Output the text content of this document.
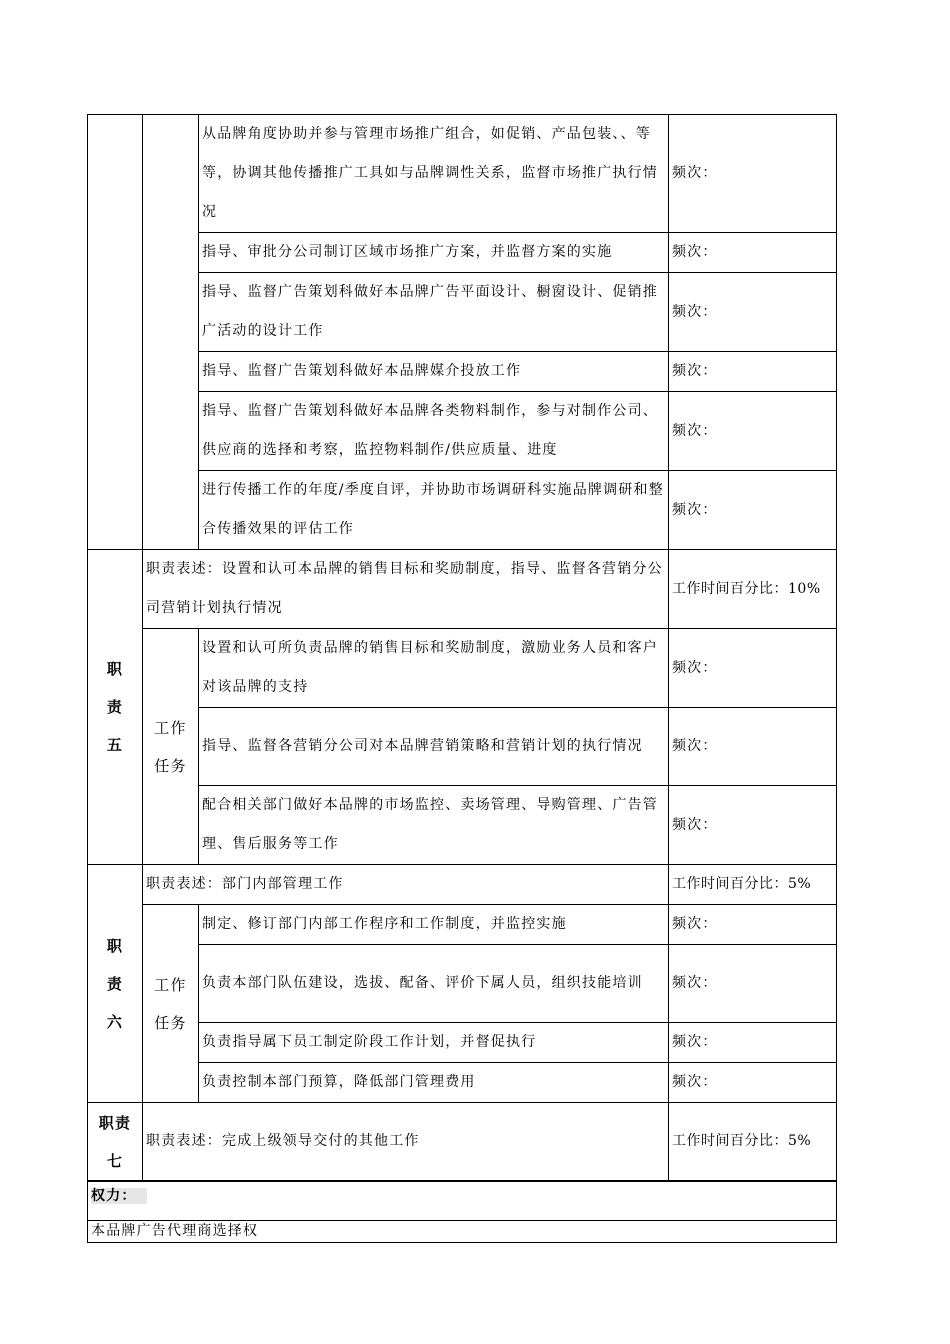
		从品牌角度协助并参与管理市场推广组合，如促销、产品包装、、等等，协调其他传播推广工具如与品牌调性关系，监督市场推广执行情况	频次：
		指导、审批分公司制订区域市场推广方案，并监督方案的实施	频次：
		指导、监督广告策划科做好本品牌广告平面设计、橱窗设计、促销推广活动的设计工作	频次：
		指导、监督广告策划科做好本品牌媒介投放工作	频次：
		指导、监督广告策划科做好本品牌各类物料制作，参与对制作公司、供应商的选择和考察，监控物料制作/供应质量、进度	频次：
		进行传播工作的年度/季度自评，并协助市场调研科实施品牌调研和整合传播效果的评估工作	频次：

职
责
五	职责表述：设置和认可本品牌的销售目标和奖励制度，指导、监督各营销分公司营销计划执行情况		工作时间百分比：10%

	工作
任务	设置和认可所负责品牌的销售目标和奖励制度，激励业务人员和客户对该品牌的支持	频次：
		指导、监督各营销分公司对本品牌营销策略和营销计划的执行情况	频次：
		配合相关部门做好本品牌的市场监控、卖场管理、导购管理、广告管理、售后服务等工作	频次：

职
责
六	职责表述：部门内部管理工作		工作时间百分比：5%

	工作
任务	制定、修订部门内部工作程序和工作制度，并监控实施	频次：
		负责本部门队伍建设，选拔、配备、评价下属人员，组织技能培训	频次：
		负责指导属下员工制定阶段工作计划，并督促执行	频次：
		负责控制本部门预算，降低部门管理费用	频次：

职责
七	职责表述：完成上级领导交付的其他工作		工作时间百分比：5%
权力：
本品牌广告代理商选择权
